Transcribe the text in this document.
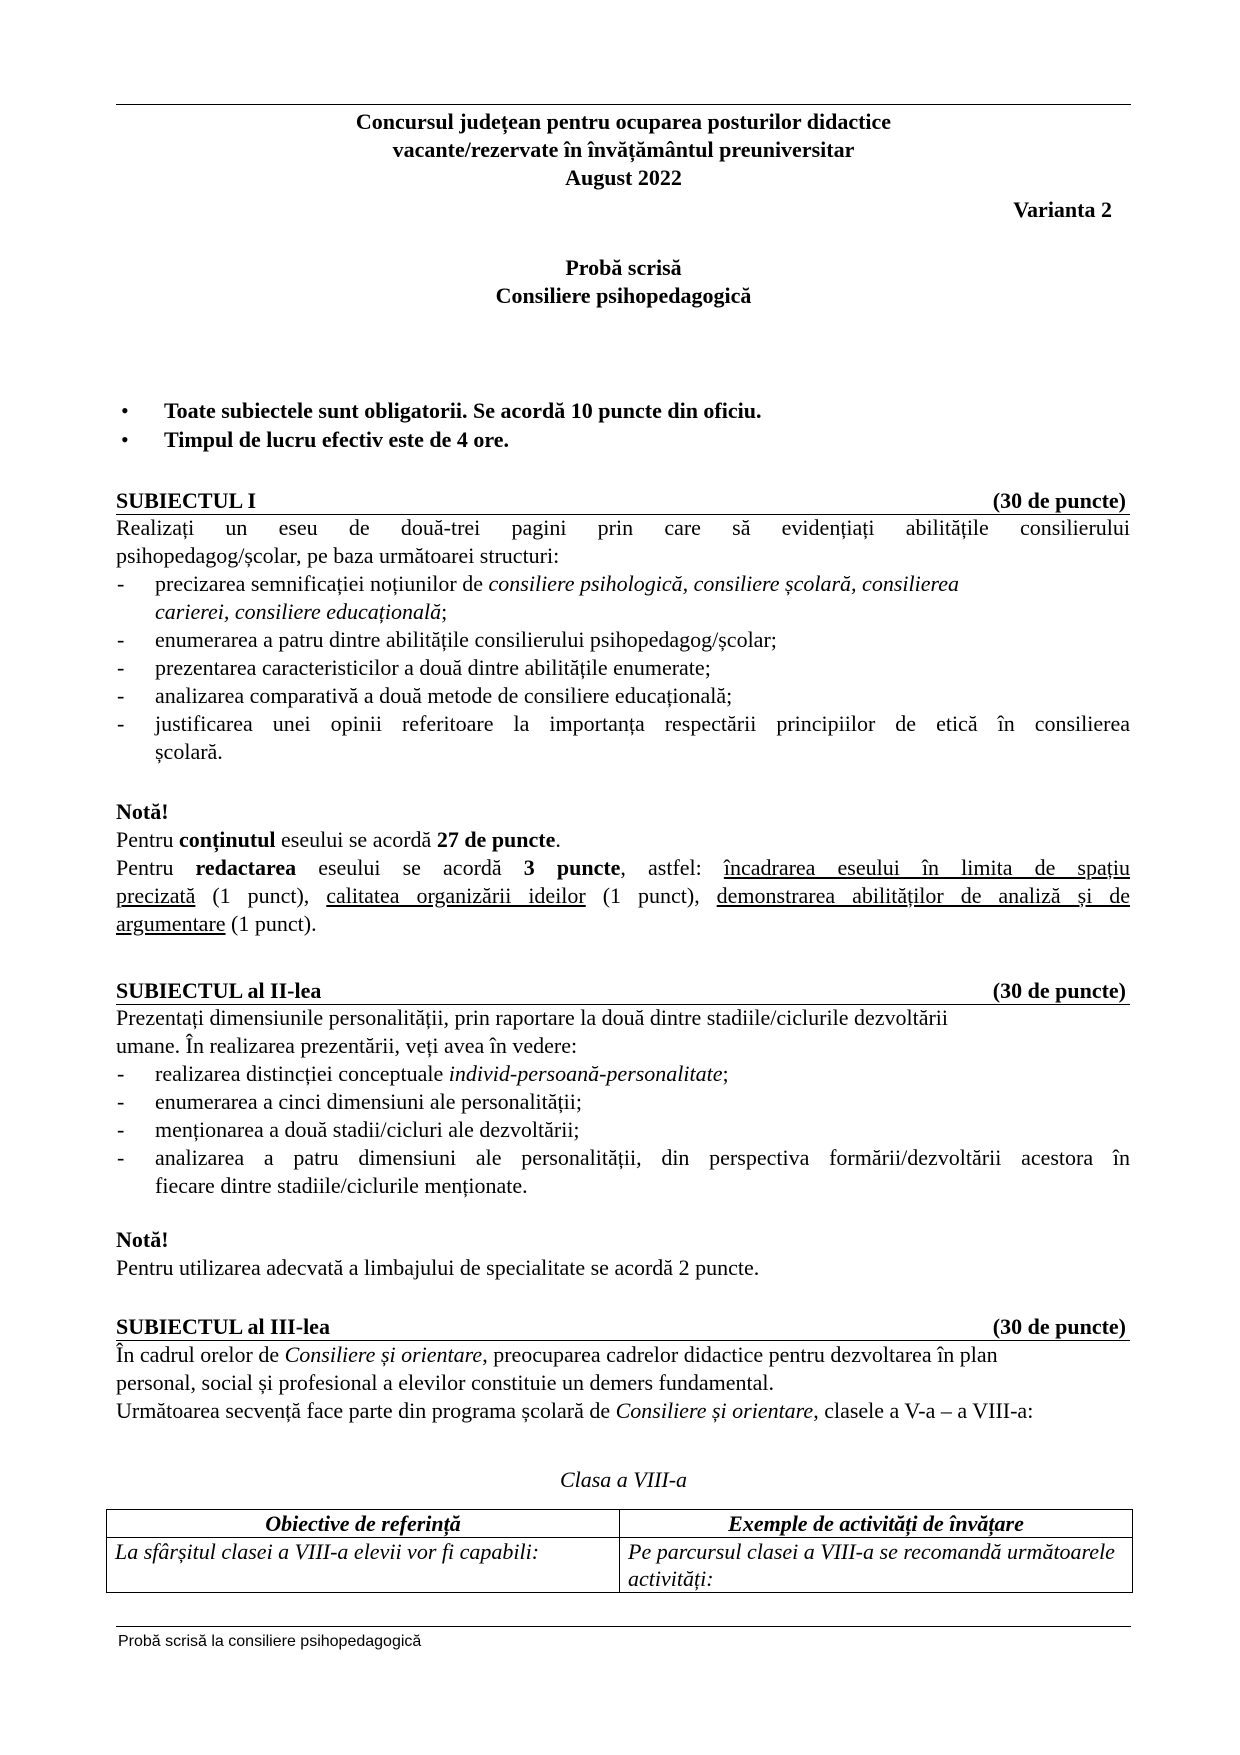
Concursul județean pentru ocuparea posturilor didactice
vacante/rezervate în învățământul preuniversitar
August 2022
Varianta 2
Probă scrisă
Consiliere psihopedagogică
• Toate subiectele sunt obligatorii. Se acordă 10 puncte din oficiu.
• Timpul de lucru efectiv este de 4 ore.
SUBIECTUL I	(30 de puncte)
Realizați un eseu de două-trei pagini prin care să evidențiați abilitățile consilierului
psihopedagog/școlar, pe baza următoarei structuri:
- precizarea semnificației noțiunilor de consiliere psihologică, consiliere școlară, consilierea
carierei, consiliere educațională;
- enumerarea a patru dintre abilitățile consilierului psihopedagog/școlar;
- prezentarea caracteristicilor a două dintre abilitățile enumerate;
- analizarea comparativă a două metode de consiliere educațională;
- justificarea unei opinii referitoare la importanța respectării principiilor de etică în consilierea
școlară.
Notă!
Pentru conținutul eseului se acordă 27 de puncte.
Pentru redactarea eseului se acordă 3 puncte, astfel: încadrarea eseului în limita de spațiu
precizată (1 punct), calitatea organizării ideilor (1 punct), demonstrarea abilităților de analiză și de
argumentare (1 punct).
SUBIECTUL al II-lea	(30 de puncte)
Prezentați dimensiunile personalității, prin raportare la două dintre stadiile/ciclurile dezvoltării
umane. În realizarea prezentării, veți avea în vedere:
- realizarea distincției conceptuale individ-persoană-personalitate;
- enumerarea a cinci dimensiuni ale personalității;
- menționarea a două stadii/cicluri ale dezvoltării;
- analizarea a patru dimensiuni ale personalității, din perspectiva formării/dezvoltării acestora în
fiecare dintre stadiile/ciclurile menționate.
Notă!
Pentru utilizarea adecvată a limbajului de specialitate se acordă 2 puncte.
SUBIECTUL al III-lea	(30 de puncte)
În cadrul orelor de Consiliere și orientare, preocuparea cadrelor didactice pentru dezvoltarea în plan
personal, social și profesional a elevilor constituie un demers fundamental.
Următoarea secvență face parte din programa școlară de Consiliere și orientare, clasele a V-a – a VIII-a:
Clasa a VIII-a
Obiective de referință	Exemple de activități de învățare
La sfârșitul clasei a VIII-a elevii vor fi capabili:	Pe parcursul clasei a VIII-a se recomandă următoarele activități:
Probă scrisă la consiliere psihopedagogică
